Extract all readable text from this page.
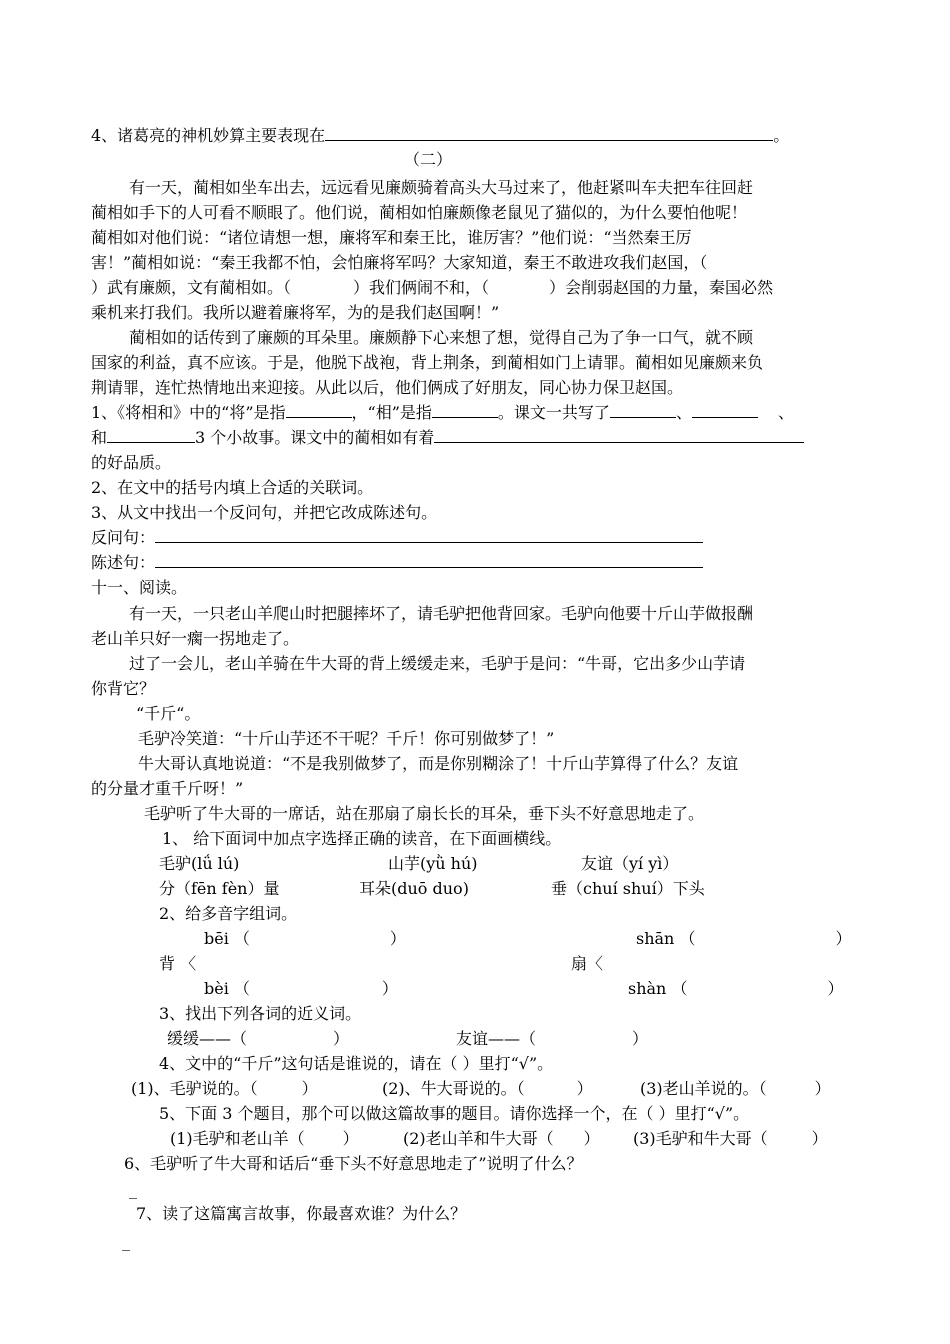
4、诸葛亮的神机妙算主要表现在	。
（二）
有一天，蔺相如坐车出去，远远看见廉颇骑着高头大马过来了，他赶紧叫车夫把车往回赶
蔺相如手下的人可看不顺眼了。他们说，蔺相如怕廉颇像老鼠见了猫似的，为什么要怕他呢！
蔺相如对他们说：“诸位请想一想，廉将军和秦王比，谁厉害？”他们说：“当然秦王厉
害！”蔺相如说：“秦王我都不怕，会怕廉将军吗？大家知道，秦王不敢进攻我们赵国，（
）武有廉颇，文有蔺相如。（	）我们俩闹不和，（	）会削弱赵国的力量，秦国必然
乘机来打我们。我所以避着廉将军，为的是我们赵国啊！”
蔺相如的话传到了廉颇的耳朵里。廉颇静下心来想了想，觉得自己为了争一口气，就不顾
国家的利益，真不应该。于是，他脱下战袍，背上荆条，到蔺相如门上请罪。蔺相如见廉颇来负
荆请罪，连忙热情地出来迎接。从此以后，他们俩成了好朋友，同心协力保卫赵国。
1、《将相和》中的“将”是指	，“相”是指	。课文一共写了	、	、
和	3 个小故事。课文中的蔺相如有着
的好品质。
2、在文中的括号内填上合适的关联词。
3、从文中找出一个反问句，并把它改成陈述句。
反问句：
陈述句：
十一、阅读。
有一天，一只老山羊爬山时把腿摔坏了，请毛驴把他背回家。毛驴向他要十斤山芋做报酬
老山羊只好一瘸一拐地走了。
过了一会儿，老山羊骑在牛大哥的背上缓缓走来，毛驴于是问：“牛哥，它出多少山芋请
你背它？
“千斤“。
毛驴冷笑道：“十斤山芋还不干呢？千斤！你可别做梦了！”
牛大哥认真地说道：“不是我别做梦了，而是你别糊涂了！十斤山芋算得了什么？友谊
的分量才重千斤呀！”
毛驴听了牛大哥的一席话，站在那扇了扇长长的耳朵，垂下头不好意思地走了。
1、 给下面词中加点字选择正确的读音，在下面画横线。
毛驴(lǘ lú)	山芋(yǜ hú)	友谊（yí yì）
分（fēn fèn）量	耳朵(duō duo)	垂（chuí shuí）下头
2、给多音字组词。
bēi （	）	shān （	）
背 〈	扇〈
bèi （	）	shàn （	）
3、找出下列各词的近义词。
缓缓——（	）	友谊——（	）
4、文中的“千斤”这句话是谁说的，请在（ ）里打“√”。
(1)、毛驴说的。（	）	(2)、牛大哥说的。（	）	(3)老山羊说的。（	）
5、下面 3 个题目，那个可以做这篇故事的题目。请你选择一个，在（ ）里打“√”。
(1)毛驴和老山羊（ ）	(2)老山羊和牛大哥（ ） (3)毛驴和牛大哥（	）
6、毛驴听了牛大哥和话后“垂下头不好意思地走了”说明了什么？
_
7、读了这篇寓言故事，你最喜欢谁？为什么？
_
